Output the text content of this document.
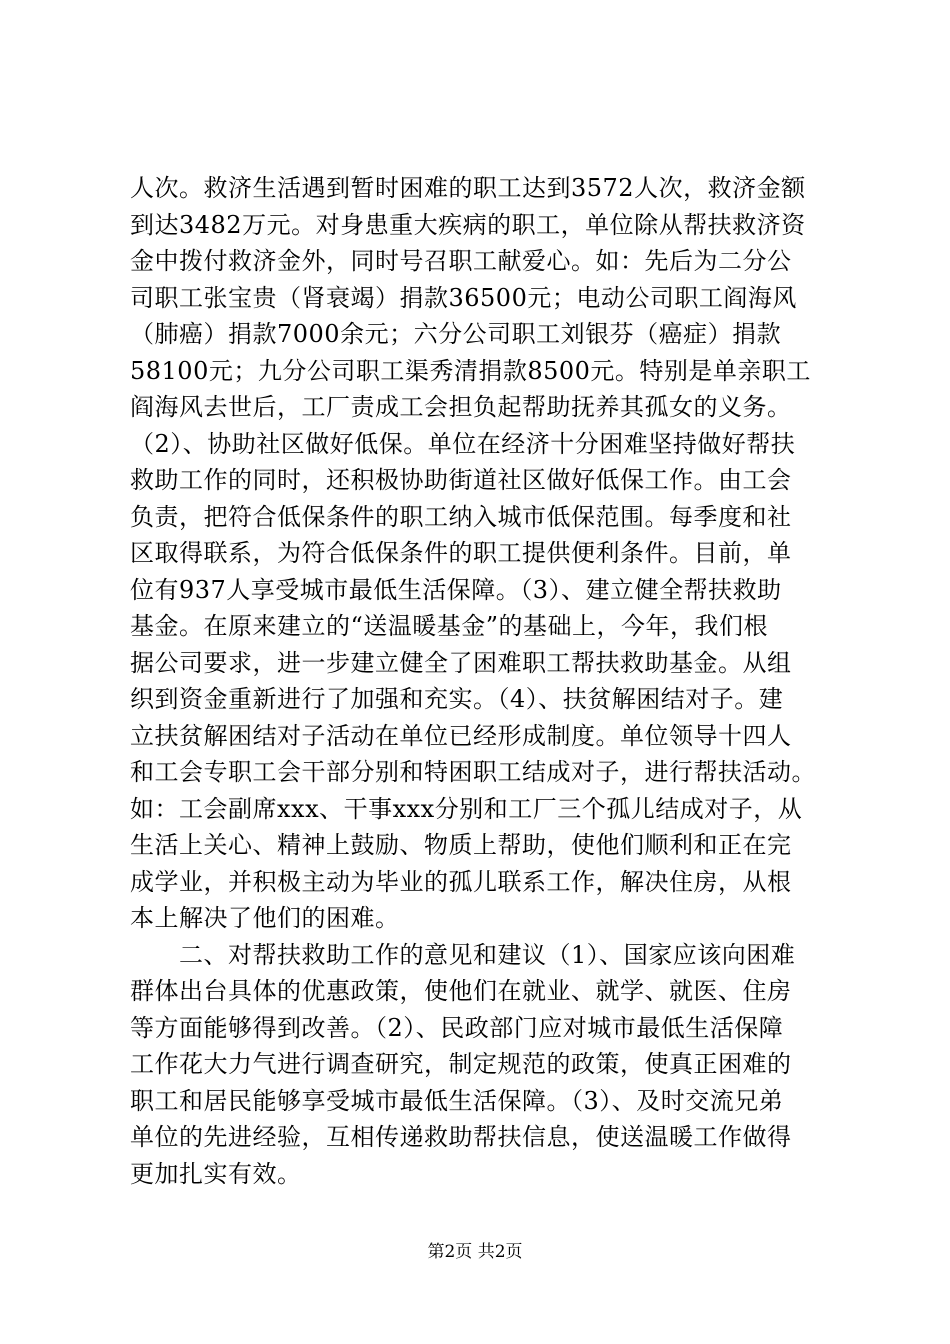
人次。救济生活遇到暂时困难的职工达到3572人次，救济金额
到达3482万元。对身患重大疾病的职工，单位除从帮扶救济资
金中拨付救济金外，同时号召职工献爱心。如：先后为二分公
司职工张宝贵（肾衰竭）捐款36500元；电动公司职工阎海风
（肺癌）捐款7000余元；六分公司职工刘银芬（癌症）捐款
58100元；九分公司职工渠秀清捐款8500元。特别是单亲职工
阎海风去世后，工厂责成工会担负起帮助抚养其孤女的义务。
（2）、协助社区做好低保。单位在经济十分困难坚持做好帮扶
救助工作的同时，还积极协助街道社区做好低保工作。由工会
负责，把符合低保条件的职工纳入城市低保范围。每季度和社
区取得联系，为符合低保条件的职工提供便利条件。目前，单
位有937人享受城市最低生活保障。（3）、建立健全帮扶救助
基金。在原来建立的“送温暖基金”的基础上，今年，我们根
据公司要求，进一步建立健全了困难职工帮扶救助基金。从组
织到资金重新进行了加强和充实。（4）、扶贫解困结对子。建
立扶贫解困结对子活动在单位已经形成制度。单位领导十四人
和工会专职工会干部分别和特困职工结成对子，进行帮扶活动。
如：工会副席xxx、干事xxx分别和工厂三个孤儿结成对子，从
生活上关心、精神上鼓励、物质上帮助，使他们顺利和正在完
成学业，并积极主动为毕业的孤儿联系工作，解决住房，从根
本上解决了他们的困难。
　　二、对帮扶救助工作的意见和建议（1）、国家应该向困难
群体出台具体的优惠政策，使他们在就业、就学、就医、住房
等方面能够得到改善。（2）、民政部门应对城市最低生活保障
工作花大力气进行调查研究，制定规范的政策，使真正困难的
职工和居民能够享受城市最低生活保障。（3）、及时交流兄弟
单位的先进经验，互相传递救助帮扶信息，使送温暖工作做得
更加扎实有效。
第2页 共2页
